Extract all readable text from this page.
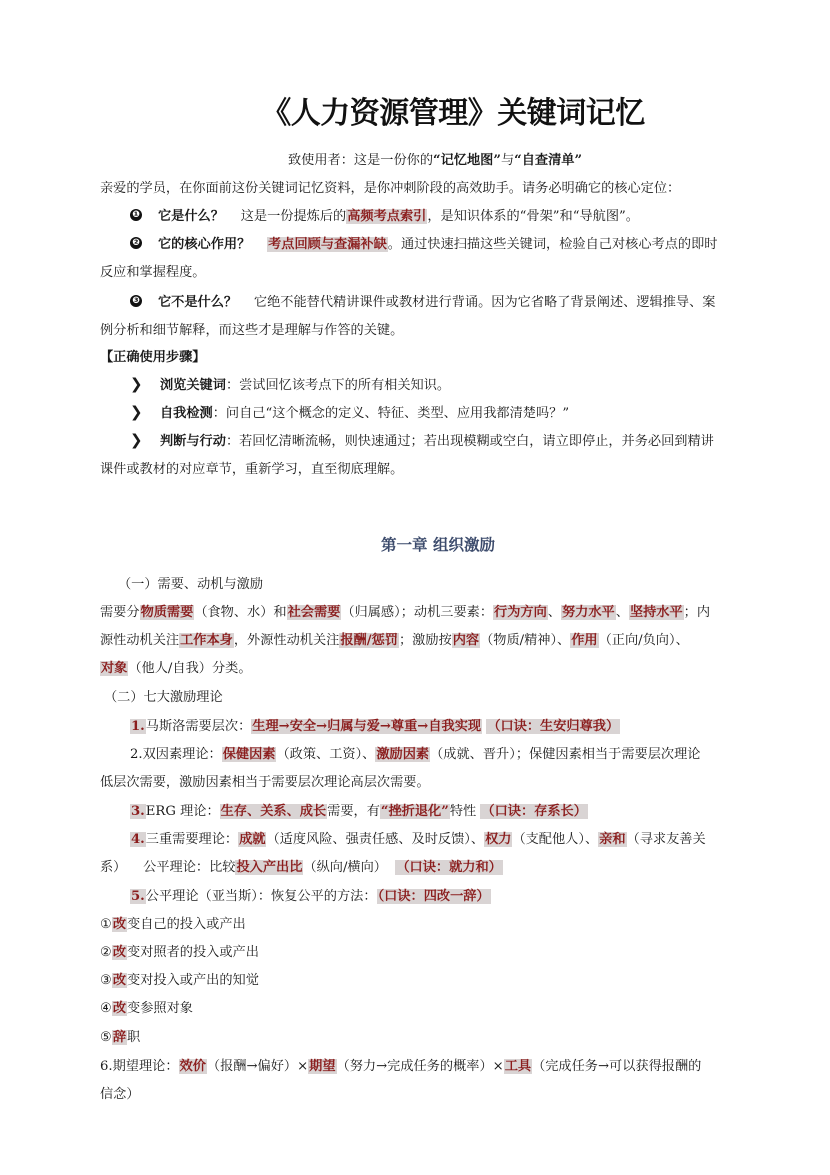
《人力资源管理》关键词记忆
致使用者：这是一份你的“记忆地图”与“自查清单”
亲爱的学员，在你面前这份关键词记忆资料，是你冲刺阶段的高效助手。请务必明确它的核心定位：
❶ 它是什么？ 这是一份提炼后的高频考点索引，是知识体系的“骨架”和“导航图”。
❷ 它的核心作用？ 考点回顾与查漏补缺。通过快速扫描这些关键词，检验自己对核心考点的即时
反应和掌握程度。
❸ 它不是什么？ 它绝不能替代精讲课件或教材进行背诵。因为它省略了背景阐述、逻辑推导、案
例分析和细节解释，而这些才是理解与作答的关键。
【正确使用步骤】
❯ 浏览关键词：尝试回忆该考点下的所有相关知识。
❯ 自我检测：问自己“这个概念的定义、特征、类型、应用我都清楚吗？”
❯ 判断与行动：若回忆清晰流畅，则快速通过；若出现模糊或空白，请立即停止，并务必回到精讲
课件或教材的对应章节，重新学习，直至彻底理解。
第一章 组织激励
（一）需要、动机与激励
需要分物质需要（食物、水）和社会需要（归属感）；动机三要素：行为方向、努力水平、坚持水平；内
源性动机关注工作本身，外源性动机关注报酬/惩罚；激励按内容（物质/精神）、作用（正向/负向）、
对象（他人/自我）分类。
（二）七大激励理论
1.马斯洛需要层次：生理→安全→归属与爱→尊重→自我实现 （口诀：生安归尊我）
2.双因素理论：保健因素（政策、工资）、激励因素（成就、晋升）；保健因素相当于需要层次理论
低层次需要，激励因素相当于需要层次理论高层次需要。
3.ERG 理论：生存、关系、成长需要，有“挫折退化”特性 （口诀：存系长）
4.三重需要理论：成就（适度风险、强责任感、及时反馈）、权力（支配他人）、亲和（寻求友善关
系） 公平理论：比较投入产出比（纵向/横向） （口诀：就力和）
5.公平理论（亚当斯）：恢复公平的方法：（口诀：四改一辞）
①改变自己的投入或产出
②改变对照者的投入或产出
③改变对投入或产出的知觉
④改变参照对象
⑤辞职
6.期望理论：效价（报酬→偏好）×期望（努力→完成任务的概率）×工具（完成任务→可以获得报酬的
信念）
